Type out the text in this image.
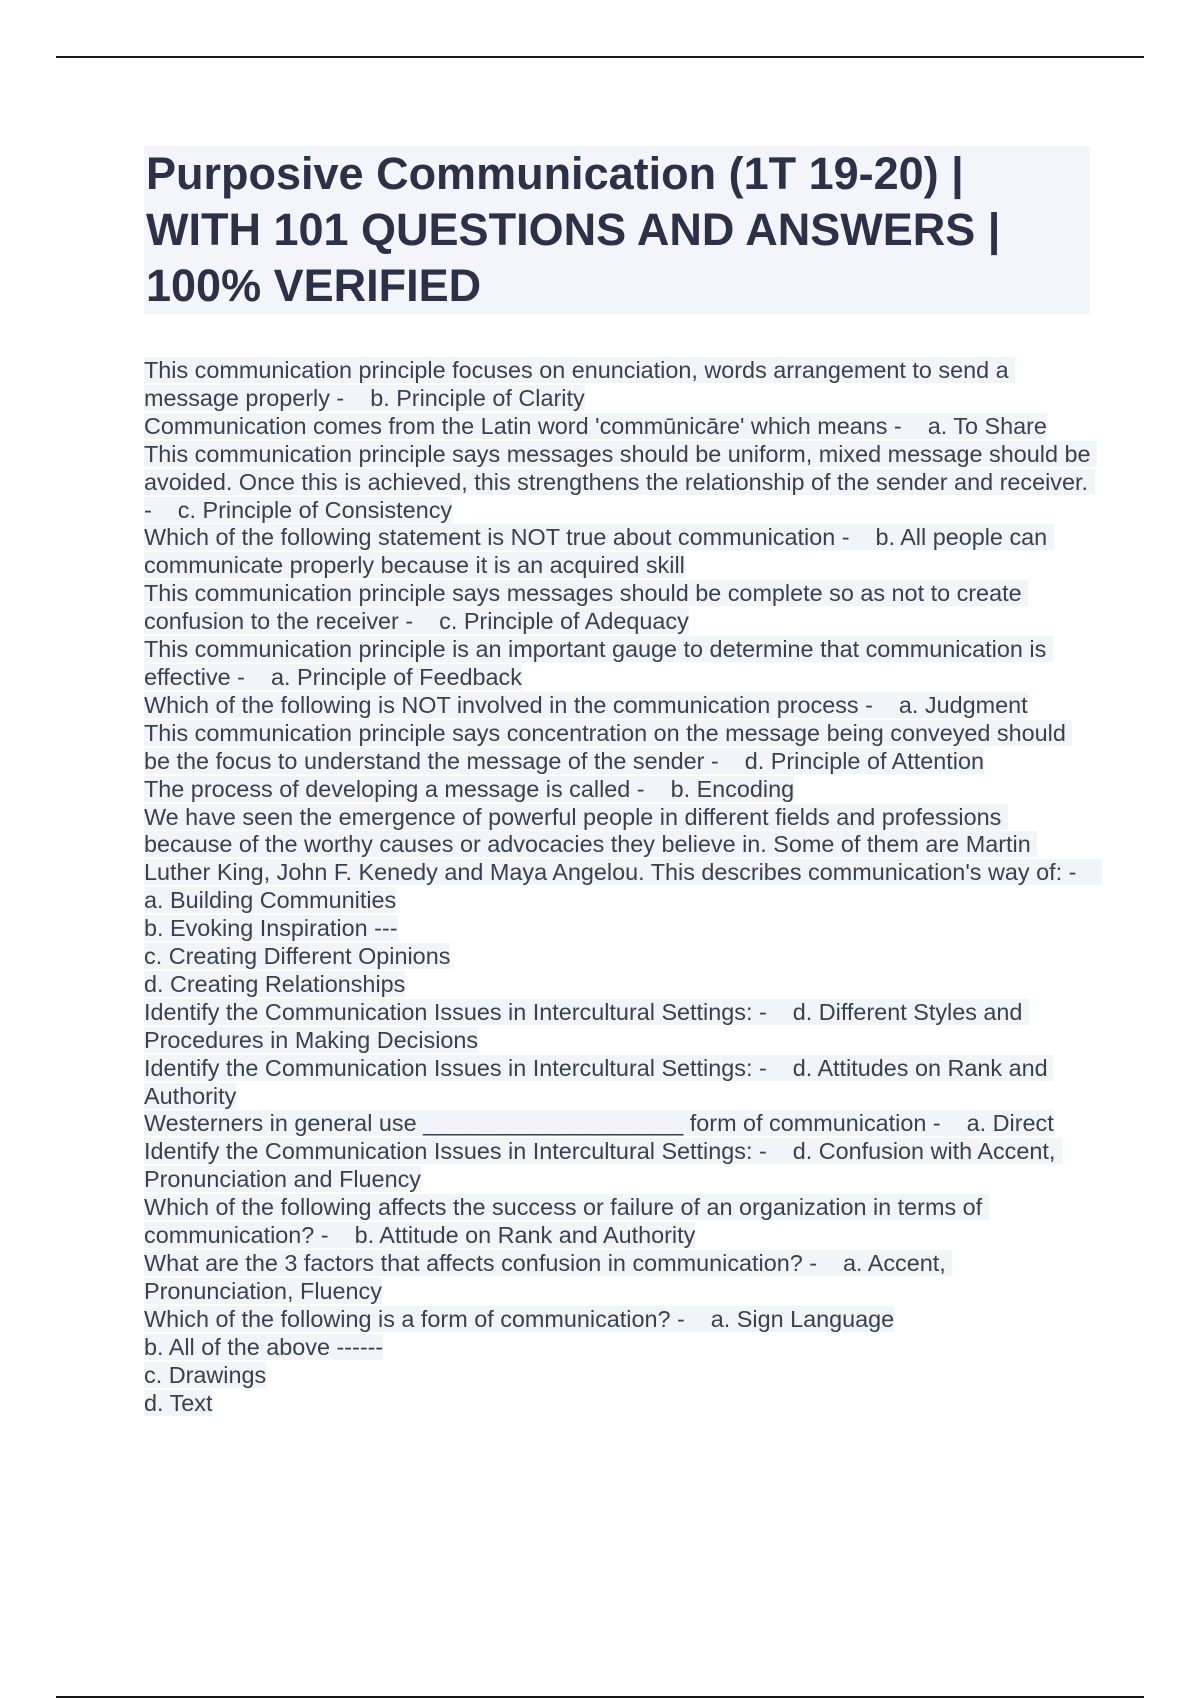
Purposive Communication (1T 19-20) | WITH 101 QUESTIONS AND ANSWERS | 100% VERIFIED

This communication principle focuses on enunciation, words arrangement to send a message properly -    b. Principle of Clarity

Communication comes from the Latin word 'commūnicāre' which means -    a. To Share

This communication principle says messages should be uniform, mixed message should be avoided. Once this is achieved, this strengthens the relationship of the sender and receiver. -    c. Principle of Consistency

Which of the following statement is NOT true about communication -    b. All people can communicate properly because it is an acquired skill

This communication principle says messages should be complete so as not to create confusion to the receiver -    c. Principle of Adequacy

This communication principle is an important gauge to determine that communication is effective -    a. Principle of Feedback

Which of the following is NOT involved in the communication process -    a. Judgment

This communication principle says concentration on the message being conveyed should be the focus to understand the message of the sender -    d. Principle of Attention

The process of developing a message is called -    b. Encoding

We have seen the emergence of powerful people in different fields and professions because of the worthy causes or advocacies they believe in. Some of them are Martin Luther King, John F. Kenedy and Maya Angelou. This describes communication's way of: -    a. Building Communities

b. Evoking Inspiration ---

c. Creating Different Opinions

d. Creating Relationships

Identify the Communication Issues in Intercultural Settings: -    d. Different Styles and Procedures in Making Decisions

Identify the Communication Issues in Intercultural Settings: -    d. Attitudes on Rank and Authority

Westerners in general use ____________________ form of communication -    a. Direct

Identify the Communication Issues in Intercultural Settings: -    d. Confusion with Accent, Pronunciation and Fluency

Which of the following affects the success or failure of an organization in terms of communication? -    b. Attitude on Rank and Authority

What are the 3 factors that affects confusion in communication? -    a. Accent, Pronunciation, Fluency

Which of the following is a form of communication? -    a. Sign Language

b. All of the above ------

c. Drawings

d. Text
